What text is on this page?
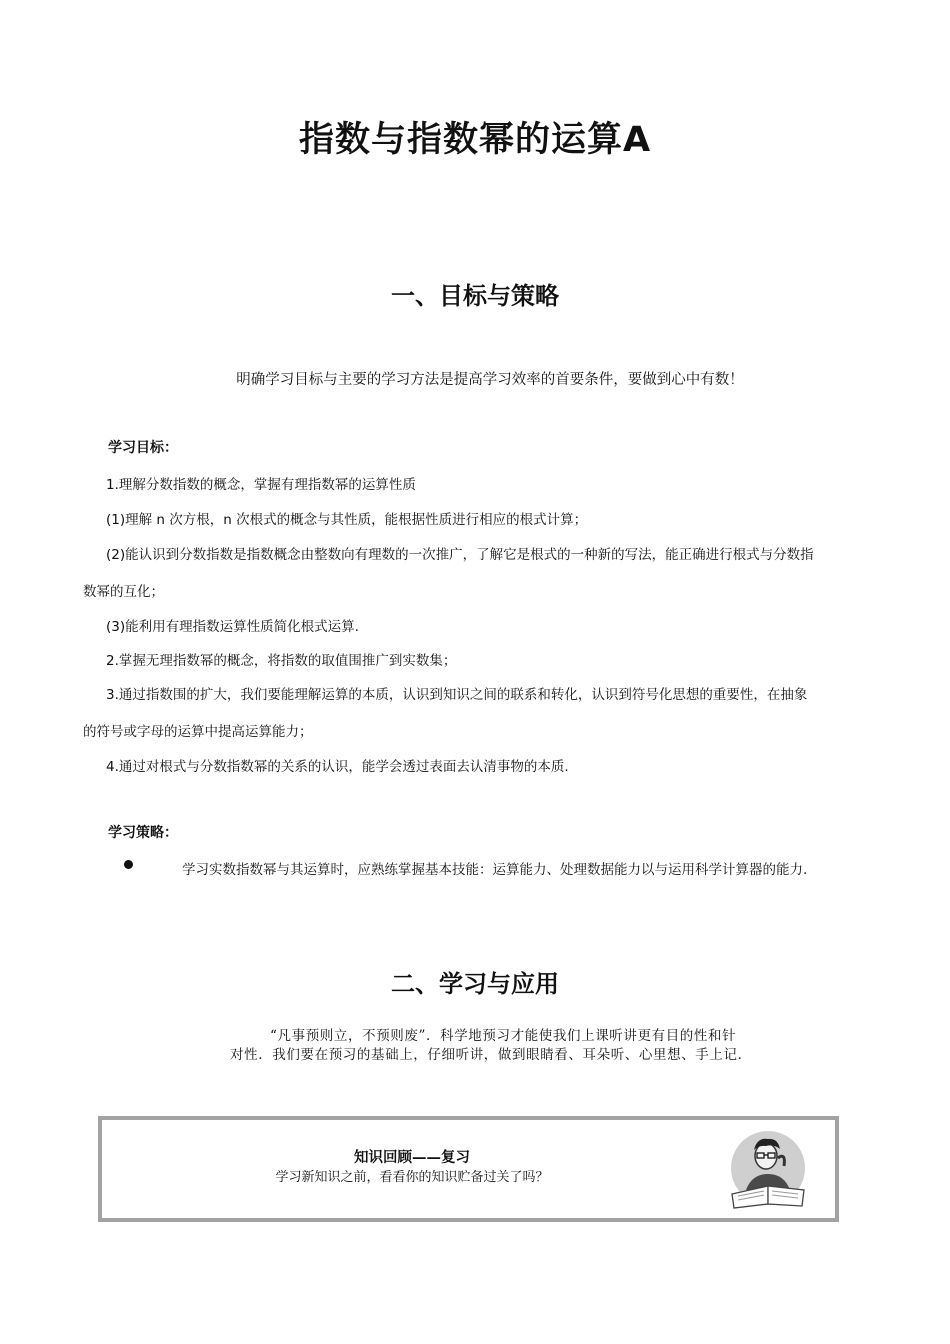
指数与指数幂的运算A
一、目标与策略
明确学习目标与主要的学习方法是提高学习效率的首要条件，要做到心中有数！
学习目标：
1.理解分数指数的概念，掌握有理指数幂的运算性质
(1)理解 n 次方根，n 次根式的概念与其性质，能根据性质进行相应的根式计算；
(2)能认识到分数指数是指数概念由整数向有理数的一次推广，了解它是根式的一种新的写法，能正确进行根式与分数指
数幂的互化；
(3)能利用有理指数运算性质简化根式运算.
2.掌握无理指数幂的概念，将指数的取值围推广到实数集；
3.通过指数围的扩大，我们要能理解运算的本质，认识到知识之间的联系和转化，认识到符号化思想的重要性，在抽象
的符号或字母的运算中提高运算能力；
4.通过对根式与分数指数幂的关系的认识，能学会透过表面去认清事物的本质.
学习策略：
学习实数指数幂与其运算时，应熟练掌握基本技能：运算能力、处理数据能力以与运用科学计算器的能力.
二、学习与应用

“凡事预则立，不预则废”．科学地预习才能使我们上课听讲更有目的性和针

对性．我们要在预习的基础上，仔细听讲，做到眼睛看、耳朵听、心里想、手上记．

知识回顾——复习
学习新知识之前，看看你的知识贮备过关了吗？
